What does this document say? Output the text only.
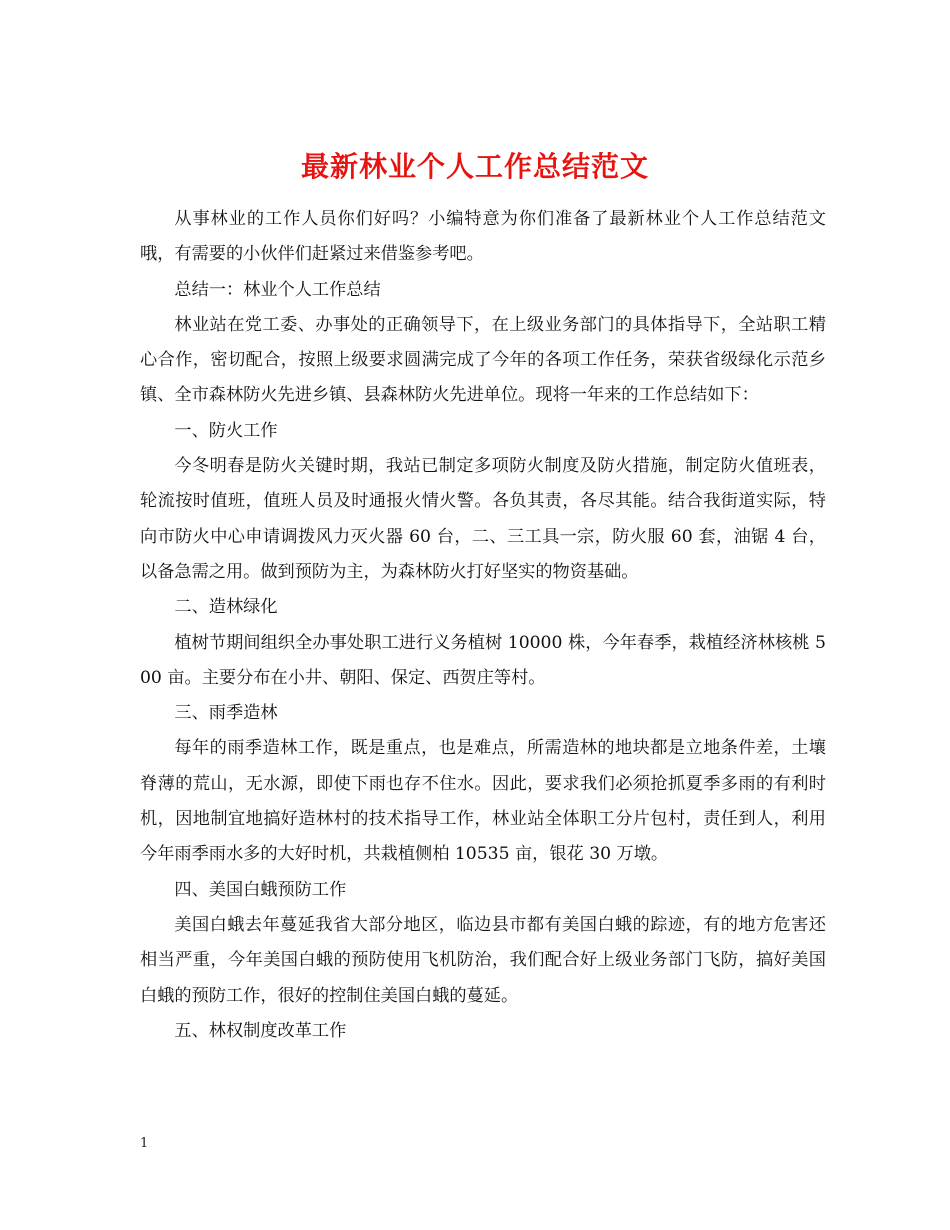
最新林业个人工作总结范文

从事林业的工作人员你们好吗？小编特意为你们准备了最新林业个人工作总结范文哦，有需要的小伙伴们赶紧过来借鉴参考吧。

总结一：林业个人工作总结

林业站在党工委、办事处的正确领导下，在上级业务部门的具体指导下，全站职工精心合作，密切配合，按照上级要求圆满完成了今年的各项工作任务，荣获省级绿化示范乡镇、全市森林防火先进乡镇、县森林防火先进单位。现将一年来的工作总结如下：

一、防火工作

今冬明春是防火关键时期，我站已制定多项防火制度及防火措施，制定防火值班表，轮流按时值班，值班人员及时通报火情火警。各负其责，各尽其能。结合我街道实际，特向市防火中心申请调拨风力灭火器 60 台，二、三工具一宗，防火服 60 套，油锯 4 台，以备急需之用。做到预防为主，为森林防火打好坚实的物资基础。

二、造林绿化

植树节期间组织全办事处职工进行义务植树 10000 株，今年春季，栽植经济林核桃 500 亩。主要分布在小井、朝阳、保定、西贺庄等村。

三、雨季造林

每年的雨季造林工作，既是重点，也是难点，所需造林的地块都是立地条件差，土壤脊薄的荒山，无水源，即使下雨也存不住水。因此，要求我们必须抢抓夏季多雨的有利时机，因地制宜地搞好造林村的技术指导工作，林业站全体职工分片包村，责任到人，利用今年雨季雨水多的大好时机，共栽植侧柏 10535 亩，银花 30 万墩。

四、美国白蛾预防工作

美国白蛾去年蔓延我省大部分地区，临边县市都有美国白蛾的踪迹，有的地方危害还相当严重，今年美国白蛾的预防使用飞机防治，我们配合好上级业务部门飞防，搞好美国白蛾的预防工作，很好的控制住美国白蛾的蔓延。

五、林权制度改革工作

1
